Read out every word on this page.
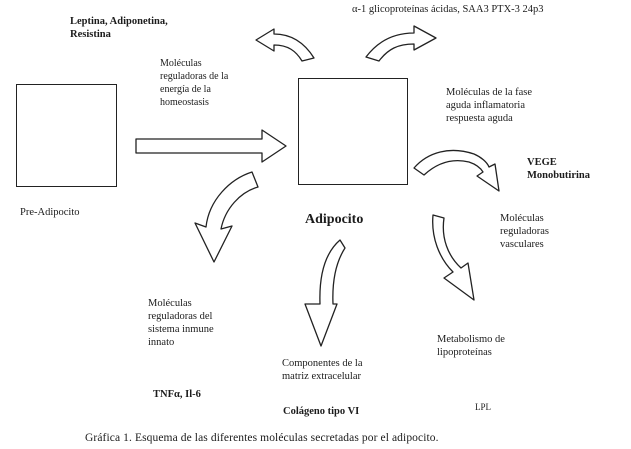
Leptina, Adiponetina,
Resistina
α-1 glicoproteínas ácidas, SAA3 PTX-3 24p3
Moléculas
reguladoras de la
energía de la
homeostasis
Moléculas de la fase
aguda inflamatoria
respuesta aguda
VEGE
Monobutirina
Pre-Adipocito	Adipocito	Moléculas
reguladoras
vasculares
Moléculas
reguladoras del
sistema inmune
innato	Metabolismo de
lipoproteínas
Componentes de la
matriz extracelular
TNFα, Il-6
LPL
Colágeno tipo VI
Gráfica 1. Esquema de las diferentes moléculas secretadas por el adipocito.
